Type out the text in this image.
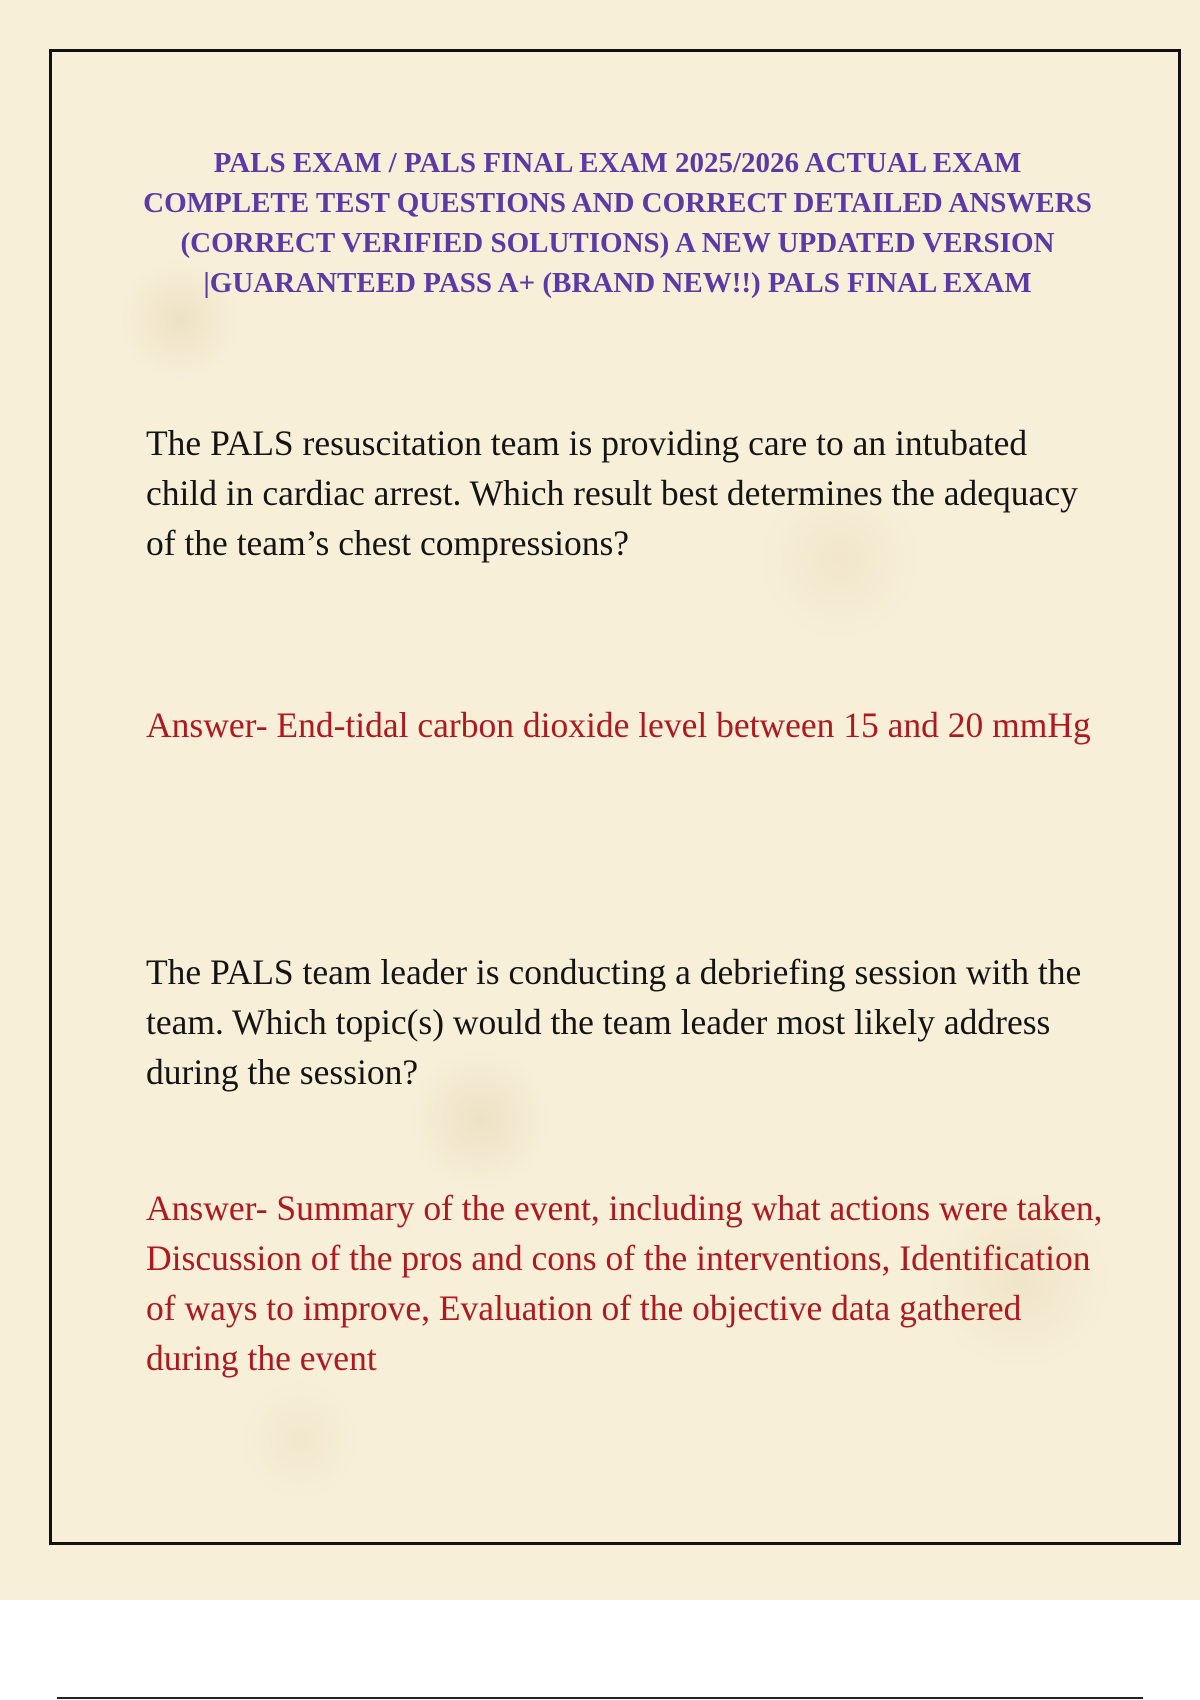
PALS EXAM / PALS FINAL EXAM 2025/2026 ACTUAL EXAM COMPLETE TEST QUESTIONS AND CORRECT DETAILED ANSWERS (CORRECT VERIFIED SOLUTIONS) A NEW UPDATED VERSION |GUARANTEED PASS A+ (BRAND NEW!!) PALS FINAL EXAM

The PALS resuscitation team is providing care to an intubated child in cardiac arrest. Which result best determines the adequacy of the team’s chest compressions?

Answer- End-tidal carbon dioxide level between 15 and 20 mmHg

The PALS team leader is conducting a debriefing session with the team. Which topic(s) would the team leader most likely address during the session?

Answer- Summary of the event, including what actions were taken, Discussion of the pros and cons of the interventions, Identification of ways to improve, Evaluation of the objective data gathered during the event
